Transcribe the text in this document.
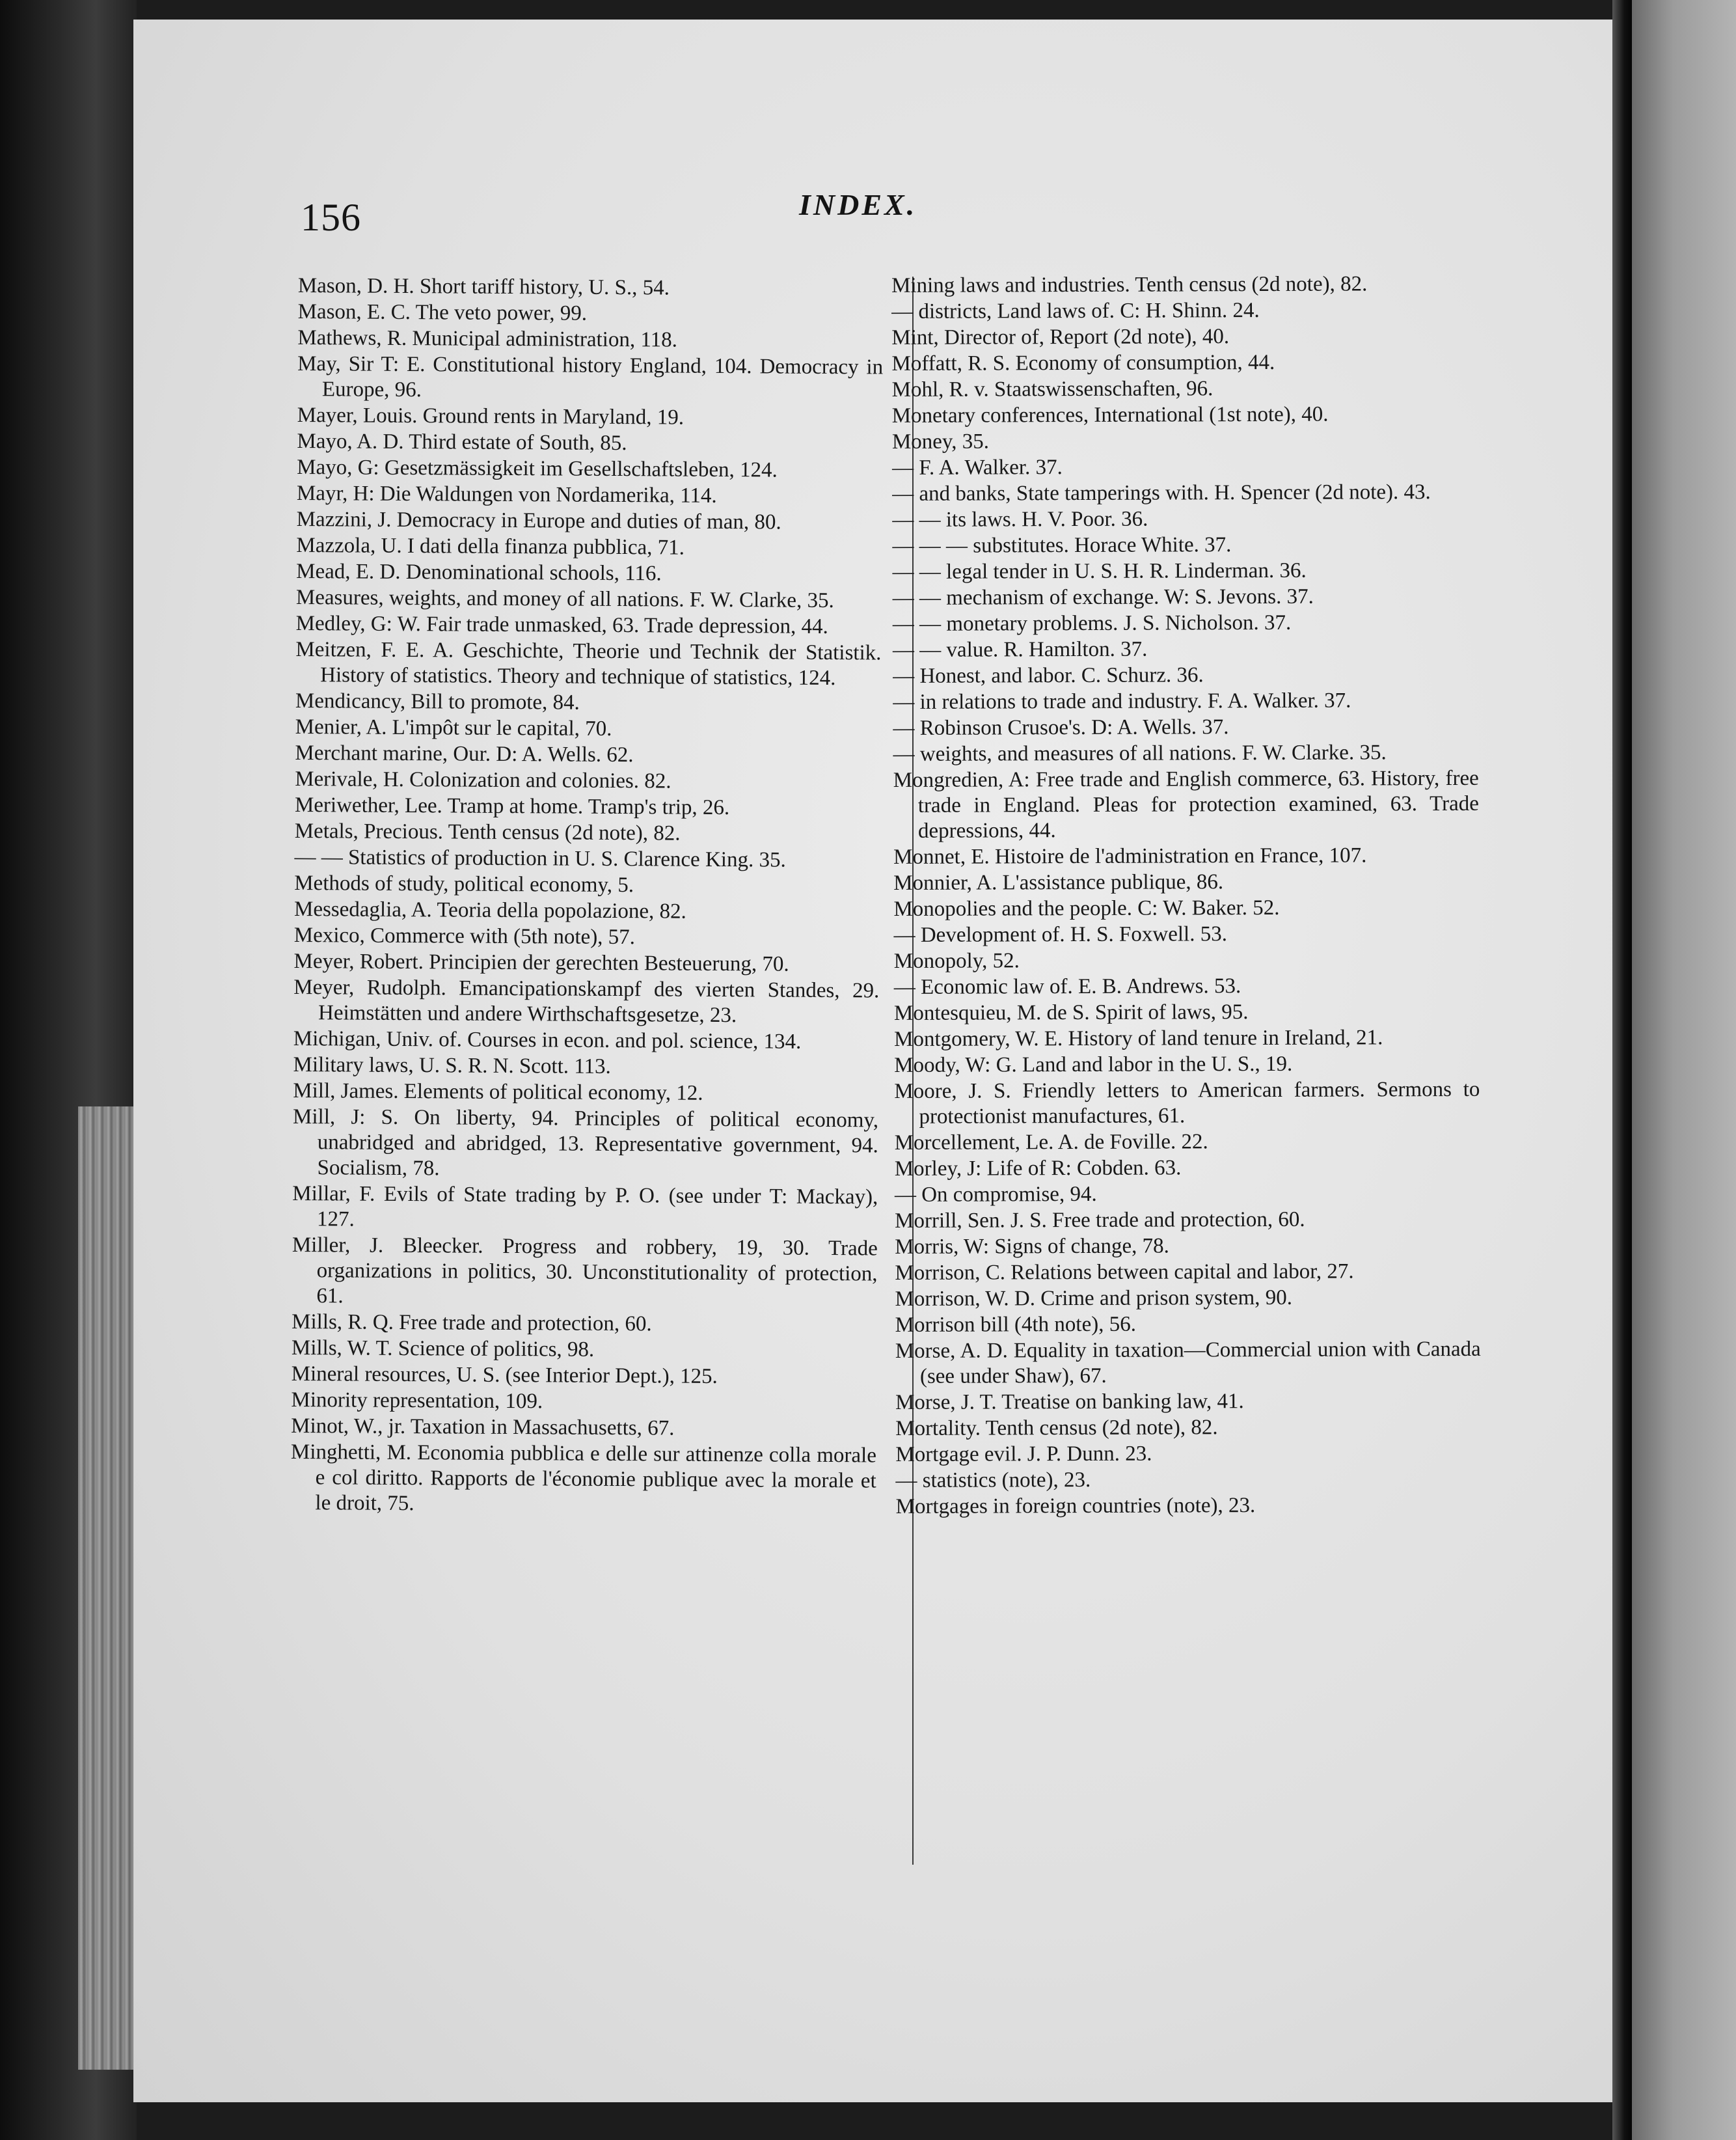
156	INDEX.

Mason, D. H. Short tariff history, U. S., 54.

Mason, E. C. The veto power, 99.

Mathews, R. Municipal administration, 118.

May, Sir T: E. Constitutional history England, 104. Democracy in Europe, 96.

Mayer, Louis. Ground rents in Maryland, 19.

Mayo, A. D. Third estate of South, 85.

Mayo, G: Gesetzmässigkeit im Gesellschaftsleben, 124.

Mayr, H: Die Waldungen von Nordamerika, 114.

Mazzini, J. Democracy in Europe and duties of man, 80.

Mazzola, U. I dati della finanza pubblica, 71.

Mead, E. D. Denominational schools, 116.

Measures, weights, and money of all nations. F. W. Clarke, 35.

Medley, G: W. Fair trade unmasked, 63. Trade depression, 44.

Meitzen, F. E. A. Geschichte, Theorie und Technik der Statistik. History of statistics. Theory and technique of statistics, 124.

Mendicancy, Bill to promote, 84.

Menier, A. L'impôt sur le capital, 70.

Merchant marine, Our. D: A. Wells. 62.

Merivale, H. Colonization and colonies. 82.

Meriwether, Lee. Tramp at home. Tramp's trip, 26.

Metals, Precious. Tenth census (2d note), 82.

— — Statistics of production in U. S. Clarence King. 35.

Methods of study, political economy, 5.

Messedaglia, A. Teoria della popolazione, 82.

Mexico, Commerce with (5th note), 57.

Meyer, Robert. Principien der gerechten Besteuerung, 70.

Meyer, Rudolph. Emancipationskampf des vierten Standes, 29. Heimstätten und andere Wirthschaftsgesetze, 23.

Michigan, Univ. of. Courses in econ. and pol. science, 134.

Military laws, U. S. R. N. Scott. 113.

Mill, James. Elements of political economy, 12.

Mill, J: S. On liberty, 94. Principles of political economy, unabridged and abridged, 13. Representative government, 94. Socialism, 78.

Millar, F. Evils of State trading by P. O. (see under T: Mackay), 127.

Miller, J. Bleecker. Progress and robbery, 19, 30. Trade organizations in politics, 30. Unconstitutionality of protection, 61.

Mills, R. Q. Free trade and protection, 60.

Mills, W. T. Science of politics, 98.

Mineral resources, U. S. (see Interior Dept.), 125.

Minority representation, 109.

Minot, W., jr. Taxation in Massachusetts, 67.

Minghetti, M. Economia pubblica e delle sur attinenze colla morale e col diritto. Rapports de l'économie publique avec la morale et le droit, 75.

Mining laws and industries. Tenth census (2d note), 82.

— districts, Land laws of. C: H. Shinn. 24.

Mint, Director of, Report (2d note), 40.

Moffatt, R. S. Economy of consumption, 44.

Mohl, R. v. Staatswissenschaften, 96.

Monetary conferences, International (1st note), 40.

Money, 35.

— F. A. Walker. 37.

— and banks, State tamperings with. H. Spencer (2d note). 43.

— — its laws. H. V. Poor. 36.

— — — substitutes. Horace White. 37.

— — legal tender in U. S. H. R. Linderman. 36.

— — mechanism of exchange. W: S. Jevons. 37.

— — monetary problems. J. S. Nicholson. 37.

— — value. R. Hamilton. 37.

— Honest, and labor. C. Schurz. 36.

— in relations to trade and industry. F. A. Walker. 37.

— Robinson Crusoe's. D: A. Wells. 37.

— weights, and measures of all nations. F. W. Clarke. 35.

Mongredien, A: Free trade and English commerce, 63. History, free trade in England. Pleas for protection examined, 63. Trade depressions, 44.

Monnet, E. Histoire de l'administration en France, 107.

Monnier, A. L'assistance publique, 86.

Monopolies and the people. C: W. Baker. 52.

— Development of. H. S. Foxwell. 53.

Monopoly, 52.

— Economic law of. E. B. Andrews. 53.

Montesquieu, M. de S. Spirit of laws, 95.

Montgomery, W. E. History of land tenure in Ireland, 21.

Moody, W: G. Land and labor in the U. S., 19.

Moore, J. S. Friendly letters to American farmers. Sermons to protectionist manufactures, 61.

Morcellement, Le. A. de Foville. 22.

Morley, J: Life of R: Cobden. 63.

— On compromise, 94.

Morrill, Sen. J. S. Free trade and protection, 60.

Morris, W: Signs of change, 78.

Morrison, C. Relations between capital and labor, 27.

Morrison, W. D. Crime and prison system, 90.

Morrison bill (4th note), 56.

Morse, A. D. Equality in taxation—Commercial union with Canada (see under Shaw), 67.

Morse, J. T. Treatise on banking law, 41.

Mortality. Tenth census (2d note), 82.

Mortgage evil. J. P. Dunn. 23.

— statistics (note), 23.

Mortgages in foreign countries (note), 23.
